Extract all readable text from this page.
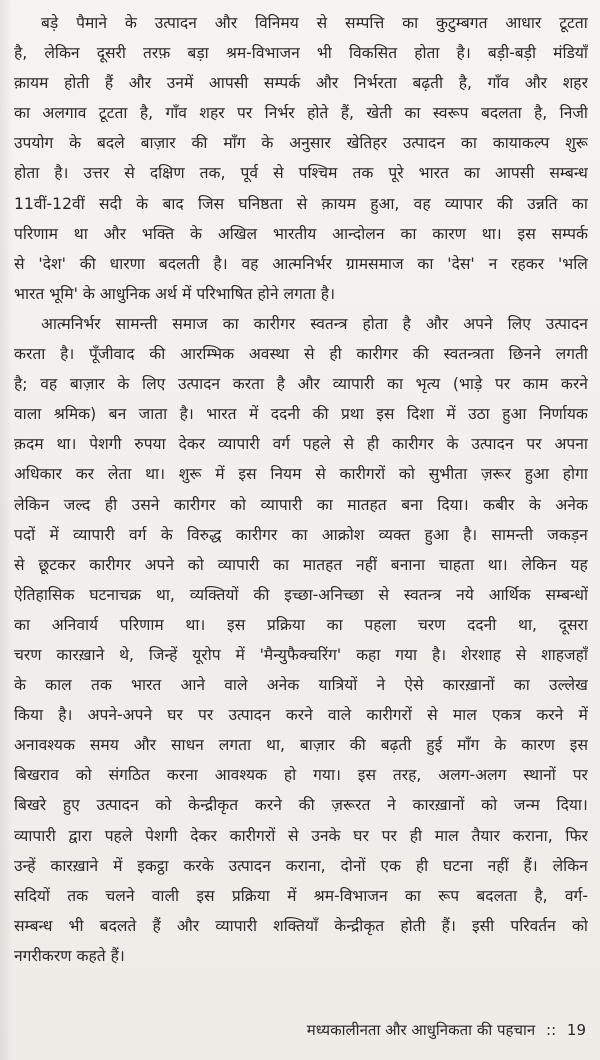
बड़े पैमाने के उत्पादन और विनिमय से सम्पत्ति का कुटुम्बगत आधार टूटता
है, लेकिन दूसरी तरफ़ बड़ा श्रम-विभाजन भी विकसित होता है। बड़ी-बड़ी मंडियाँ
क़ायम होती हैं और उनमें आपसी सम्पर्क और निर्भरता बढ़ती है, गाँव और शहर
का अलगाव टूटता है, गाँव शहर पर निर्भर होते हैं, खेती का स्वरूप बदलता है, निजी
उपयोग के बदले बाज़ार की माँग के अनुसार खेतिहर उत्पादन का कायाकल्प शुरू
होता है। उत्तर से दक्षिण तक, पूर्व से पश्चिम तक पूरे भारत का आपसी सम्बन्ध
11वीं-12वीं सदी के बाद जिस घनिष्ठता से क़ायम हुआ, वह व्यापार की उन्नति का
परिणाम था और भक्ति के अखिल भारतीय आन्दोलन का कारण था। इस सम्पर्क
से 'देश' की धारणा बदलती है। वह आत्मनिर्भर ग्रामसमाज का 'देस' न रहकर 'भलि
भारत भूमि' के आधुनिक अर्थ में परिभाषित होने लगता है।
आत्मनिर्भर सामन्ती समाज का कारीगर स्वतन्त्र होता है और अपने लिए उत्पादन
करता है। पूँजीवाद की आरम्भिक अवस्था से ही कारीगर की स्वतन्त्रता छिनने लगती
है; वह बाज़ार के लिए उत्पादन करता है और व्यापारी का भृत्य (भाड़े पर काम करने
वाला श्रमिक) बन जाता है। भारत में ददनी की प्रथा इस दिशा में उठा हुआ निर्णायक
क़दम था। पेशगी रुपया देकर व्यापारी वर्ग पहले से ही कारीगर के उत्पादन पर अपना
अधिकार कर लेता था। शुरू में इस नियम से कारीगरों को सुभीता ज़रूर हुआ होगा
लेकिन जल्द ही उसने कारीगर को व्यापारी का मातहत बना दिया। कबीर के अनेक
पदों में व्यापारी वर्ग के विरुद्ध कारीगर का आक्रोश व्यक्त हुआ है। सामन्ती जकड़न
से छूटकर कारीगर अपने को व्यापारी का मातहत नहीं बनाना चाहता था। लेकिन यह
ऐतिहासिक घटनाचक्र था, व्यक्तियों की इच्छा-अनिच्छा से स्वतन्त्र नये आर्थिक सम्बन्धों
का अनिवार्य परिणाम था। इस प्रक्रिया का पहला चरण ददनी था, दूसरा
चरण कारख़ाने थे, जिन्हें यूरोप में 'मैन्युफैक्चरिंग' कहा गया है। शेरशाह से शाहजहाँ
के काल तक भारत आने वाले अनेक यात्रियों ने ऐसे कारख़ानों का उल्लेख
किया है। अपने-अपने घर पर उत्पादन करने वाले कारीगरों से माल एकत्र करने में
अनावश्यक समय और साधन लगता था, बाज़ार की बढ़ती हुई माँग के कारण इस
बिखराव को संगठित करना आवश्यक हो गया। इस तरह, अलग-अलग स्थानों पर
बिखरे हुए उत्पादन को केन्द्रीकृत करने की ज़रूरत ने कारख़ानों को जन्म दिया।
व्यापारी द्वारा पहले पेशगी देकर कारीगरों से उनके घर पर ही माल तैयार कराना, फिर
उन्हें कारख़ाने में इकट्ठा करके उत्पादन कराना, दोनों एक ही घटना नहीं हैं। लेकिन
सदियों तक चलने वाली इस प्रक्रिया में श्रम-विभाजन का रूप बदलता है, वर्ग-
सम्बन्ध भी बदलते हैं और व्यापारी शक्तियाँ केन्द्रीकृत होती हैं। इसी परिवर्तन को
नगरीकरण कहते हैं।
मध्यकालीनता और आधुनिकता की पहचान :: 19
